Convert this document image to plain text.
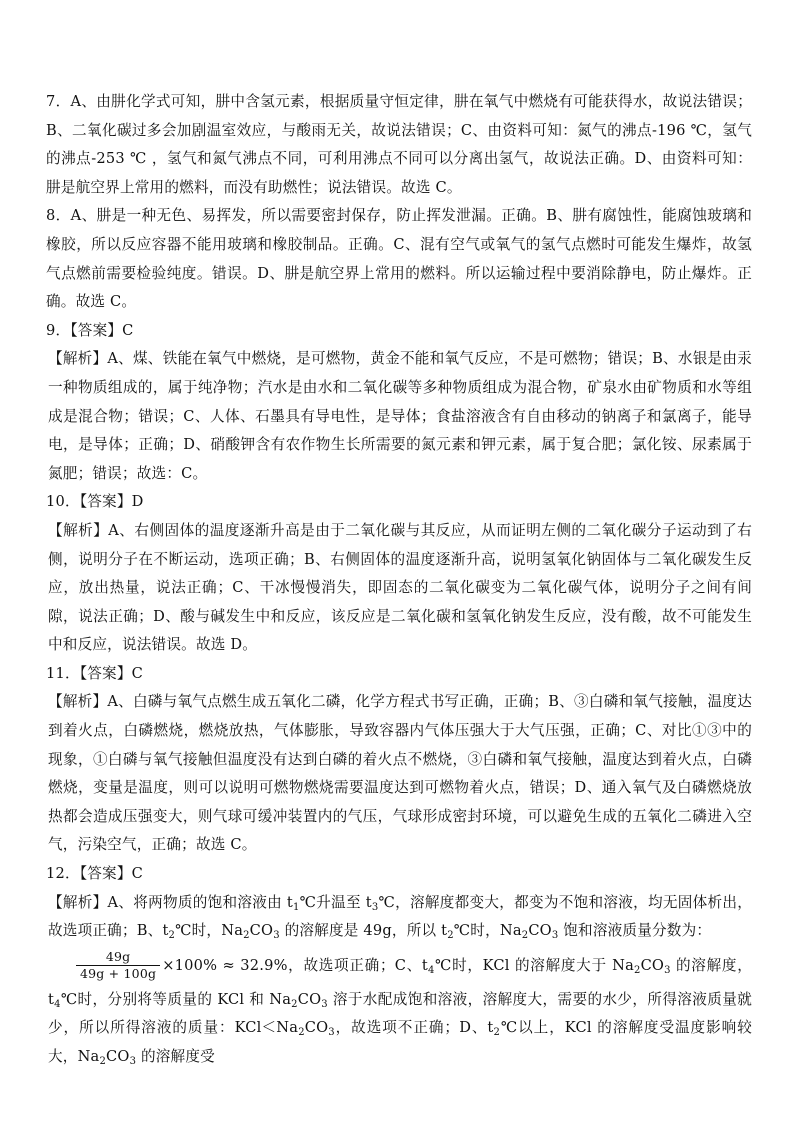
7．A、由肼化学式可知，肼中含氢元素，根据质量守恒定律，肼在氧气中燃烧有可能获得水，故说法错误；B、二氧化碳过多会加剧温室效应，与酸雨无关，故说法错误；C、由资料可知：氮气的沸点-196 ℃，氢气的沸点-253 ℃ ，氢气和氮气沸点不同，可利用沸点不同可以分离出氢气，故说法正确。D、由资料可知：肼是航空界上常用的燃料，而没有助燃性；说法错误。故选 C。

8．A、肼是一种无色、易挥发，所以需要密封保存，防止挥发泄漏。正确。B、肼有腐蚀性，能腐蚀玻璃和橡胶，所以反应容器不能用玻璃和橡胶制品。正确。C、混有空气或氧气的氢气点燃时可能发生爆炸，故氢气点燃前需要检验纯度。错误。D、肼是航空界上常用的燃料。所以运输过程中要消除静电，防止爆炸。正确。故选 C。

9．【答案】C

【解析】A、煤、铁能在氧气中燃烧，是可燃物，黄金不能和氧气反应，不是可燃物；错误；B、水银是由汞一种物质组成的，属于纯净物；汽水是由水和二氧化碳等多种物质组成为混合物，矿泉水由矿物质和水等组成是混合物；错误；C、人体、石墨具有导电性，是导体；食盐溶液含有自由移动的钠离子和氯离子，能导电，是导体；正确；D、硝酸钾含有农作物生长所需要的氮元素和钾元素，属于复合肥；氯化铵、尿素属于氮肥；错误；故选：C。

10．【答案】D

【解析】A、右侧固体的温度逐渐升高是由于二氧化碳与其反应，从而证明左侧的二氧化碳分子运动到了右侧，说明分子在不断运动，选项正确；B、右侧固体的温度逐渐升高，说明氢氧化钠固体与二氧化碳发生反应，放出热量，说法正确；C、干冰慢慢消失，即固态的二氧化碳变为二氧化碳气体，说明分子之间有间隙，说法正确；D、酸与碱发生中和反应，该反应是二氧化碳和氢氧化钠发生反应，没有酸，故不可能发生中和反应，说法错误。故选 D。

11．【答案】C

【解析】A、白磷与氧气点燃生成五氧化二磷，化学方程式书写正确，正确；B、③白磷和氧气接触，温度达到着火点，白磷燃烧，燃烧放热，气体膨胀，导致容器内气体压强大于大气压强，正确；C、对比①③中的现象，①白磷与氧气接触但温度没有达到白磷的着火点不燃烧，③白磷和氧气接触，温度达到着火点，白磷燃烧，变量是温度，则可以说明可燃物燃烧需要温度达到可燃物着火点，错误；D、通入氧气及白磷燃烧放热都会造成压强变大，则气球可缓冲装置内的气压，气球形成密封环境，可以避免生成的五氧化二磷进入空气，污染空气，正确；故选 C。

12．【答案】C

【解析】A、将两物质的饱和溶液由 $t_1℃$升温至 $t_3℃$，溶解度都变大，都变为不饱和溶液，均无固体析出，故选项正确；B、$t_2℃$时，$Na_2CO_3$ 的溶解度是 49g，所以 $t_2℃$时，$Na_2CO_3$ 饱和溶液质量分数为：

$\frac{49g}{49g + 100g} \times 100\% \approx 32.9\%$，故选项正确；C、$t_4℃$时，KCl 的溶解度大于 $Na_2CO_3$ 的溶解度，$t_4℃$时，分别将等质量的 KCl 和 $Na_2CO_3$ 溶于水配成饱和溶液，溶解度大，需要的水少，所得溶液质量就少，所以所得溶液的质量：$KCl<Na_2CO_3$，故选项不正确；D、$t_2℃$以上，KCl 的溶解度受温度影响较大，$Na_2CO_3$ 的溶解度受
